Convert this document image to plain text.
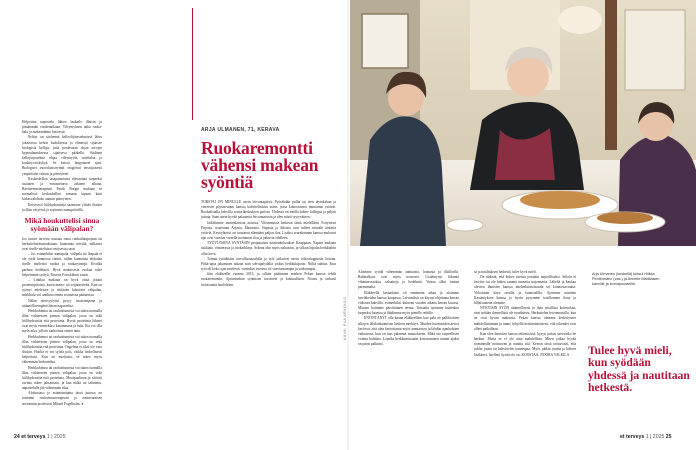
Helpotton napostelu lähtee laukaile illaisin ja pimämmän vuodenaikaan. Vileymykaen taika ruoka-halu ja makeanhimo kasvavat.

Selityr on siishennä kelloolijärestelmässä lähes jokaisessa kehon kudoksessa ja elimessä sijaitsee biologisia kelloja, jotta puolestaan ohjaa aivojen hypotalamuksessa sijaitseva pääkello. Siidinen kellojärjestelmä ohjaa vileymyyiä, mielialaa ja kookityvsiskykyä. Se kertoo langonneet ajatt. Biologiset vuorokausirytmit reagoivat ensisijaisesti ympäristön valoon ja pimeyteen.

Keskuskellon tasapainotusta edesauttaa tarpeeksi tasainen ja ennustettava arkinen aikana. Ravitsemusterapeutti Patrik Borgin mukaan se normalisoi keskuskellon samaan tapaan kuin kirkasvalohoito aamun pimeyteen.

Erityisesti hiilihydraatteja saatetaan ylittää iltaisin ja illan väsyessä ja sopivasti aamupäivällä.

Mikä houkuttelisi sinua syömään välipalan?

Jos tuntee tarvetta naustaa omia ruokailutapojaan tai herkuttelutottumuksiaan, kannattaa miettiä, millaista ovat itselle mieluisat ravitsevat ruoat.

– Jos esimerkiksi aamupala, välipala tai iltapala ei ole vielä kunnossa rutiini, niihin kannattaa ehdottaa itselle mieleisiä ruokia ja ruokarytmejä. Eivätkä parhaat hedelmät. Hyvä makuisesta ruokaa tulee helpommin syötyä, Rosetta Forsskähmi sanoo.

– Linkkui makuun on hyvä ottaa joitain proteiinipitoista, kuten maito- tai soijatuotteita. Kun on syönyt mieleisen ja riittävän kokoisen välipalan, mielihalu voi unohtua ennen seuraavaa pääateriaa.

Nälän aterisyytymi pysyy tasaisempana ja säännöllisempänä ilman napostelua.

Herkkuhimoa tai rauhoittumista voi tukea tuomalla illan viihteeseen pienen välipalan, jossa on sekä hiilihydraattia että proteiinia. Hyvät proteiinia lähteet ovat myös esimerkiksi kananmuna ja kala. Ilta voi olla myös aika, jolloin rauhoittua ennen unta.

Herkkuhimoa tai rauhoittumista voi tukea tuomalla illan viihteeseen pienen välipalan, jossa on sekä hiilihydraattia että proteiinia. Ongelma ei siksi ole vain iltaisin. Huolta ei voi syödä pois, vaikka hetkellisesti helpottaisi. Kun on mieluista, se tekee myös vähemmän herkuttelua.

Herkkuhimoa tai rauhoittumista voi tukea tuomalla illan viihteeseen pienen välipalan, jossa on sekä hiilihydraattia että proteiinia. Monipuolinen ja riittävä ravinto tukee jaksamista, ja kun nälkä on taltutettu, napostelulle jää vähemmän tilaa.

Aloitustaso ja asiantuntijana tässä jutussa on toiminut ravitsemusterapeutti ja aistinvaraisen arvioinnin professori Mikael Fogelholm. ●

ARJA ULMANEN, 71, KERAVA
Ruokaremontti vähensi makean syöntiä

TORSTAI ON MINULLE usein leivontapäivä. Pyörähdän pullia tai teen täytekakun ja viereisen pöytäseurani kanssa kahviteltaisiin usein, jossa kokoontuvat muutamat ystävät. Ruokalistalla kahvilla seniorikeskuksen parissa. Yhdessä on meillä kolme kollegaa ja paljon juttuja. Saan usein hyvää palautetta leivonnaisista ja olen niistä tyytyväinen.

Jatkelimme monenlaisista aiosista. Vileimmissä hetkissä tämä mielellään. Erityisesti Pirjosta, sisaristani Arjasta, Maaarista, Sirpasta ja Juhasta ovat tulleet minulle tärkeitä ystäviä. Keyoyhteisö on tuottanut elämääni paljon iloa. Lisäksi seurakunnan kanssa mukavat ajat ovat vuosien varrella tuottaneet iloa ja jatkuvat edelleen.

TYÖVUOSINA SYNTÄSIN perjantaisin naistenkokoukset Kauppaan. Napsin mukaan suklaata, viinaerasta ja irtokarkkeja. Arkena olin myös naltaisiin, ja vilkun lopulta herkkuihin ollut kova.

Toimin työtähtäisi tarvallisuussalalla ja työt jatkuivat usein viikonloppuisin kotona. Piikä-upsa jakamisen aikaan sain sohvapöydältä joskus herkkukipoon. Niiltä säästin. Kun työt oli koko ajan mielessä, varsinkin vuosina oli stressaavampia ja vaikeampia.

Jäin eläkkeelle vuonna 2013, ja silloin päätimme miehen Pekan kanssa tehdä ruokaremontin. Ajoimmehan syömisen tavoitteet ja kohtuullisen. Nousu ja tarkasti tietoisuutta huolehtien.

KUVA: PIIA ARNOULD

Aloimme syödä vähemmän aamiaista, lounasta ja illallisella. Rahatalkoot ovat myös nousseet. Lisääntynyt liikunta vihannesruokaa, salaatteja ja hedelmiä. Vatsaa alkoi tuntua paremmalta.

Eläkkeellä kesäaikana oli enemmän aikaa ja aloimme tarvikkeiden kanssa kaupassa. Leivinalisti on käynyt ohjattuna kerran viikossa kahvilla, esimerkiksi kuluvan vuoden aikana kerran kuussa. Muuten kotimme päivittäinen teema. Toisaalta ajoimme kuitenkin tarpeeksi luontoa ja lähdimme myös pienille retkille.

ENTINTÄNYT olla kauan eläkkeelläni kun pala on palkkioitten siltojen lähikohtaamisen hetkien merkitys. Muiden huomioiden arviot kertovat, että olen kertoittanut myös aamiaisien ja lähdön ajankohtien vaihtuessa, kun on taas palannut muutokseen. Mikä tuo tarpeellisen voimia kohdata. Lopulta herkkuminuutin kotiutuminen tunnin ajaksi on paras palkinto.

sä ja naulituksen hetkestä, tulee hyvä mieli.

On tärkeää, että kokee itsensä jossakin tarpeelliseksi. Silloin ei tarvitse tai ole hakea sanana tunnetta tarjonnasta. Läheltä ja kaukaa olevien ihmisten kanssa mielenkiintoisuutta tai kiinnostavuutta. Viikoittain käyn rastilla ja kuntosalilla. Ajoimme nauttien Kastaniyksen kanssa ja hyvin pysymme toisillemme ilona ja hiljaisuutena olemme.

NYKYISIN SYÖN säännöllisesti ja ihan tavallista kotiruokaa, ettei mitään ihmeellistä ole noudatettu. Herkuttelen leivonnaisilla, kun ne ovat hyvän makuisia. Pekan kanssa olemme keskittyneet mahdollisimman ja tunne lyhyellä keskimääräisesti, että oikeudet ovat olleet paikallaan.

Kun olen ihmisten kanssa tekemisissä, kysyn joskus saisivatko he herkun. Mutta se ei ole aina mahdollista. Miten jatkaa hyvää toiminnalle maistuvan ja nauttia sitä. Kerron tässä toistuvasti, että juhlin jotain tai kahvittelen kauempaa. Myös juhlan juoma ja kahvin lisäkkeet. Itselleni hyvää olo on: KOOSTAA: NOORA VALKILA

Arja Ulmanen (keskellä) kutsui Hilkka Pentinmäen (vas.) ja Annelle Mattilaisen kahville ja korvapuusteille.
Tulee hyvä mieli, kun syödään yhdessä ja nautitaan hetkestä.
24 et terveys 1 | 2025	et terveys 1 | 2025 25
